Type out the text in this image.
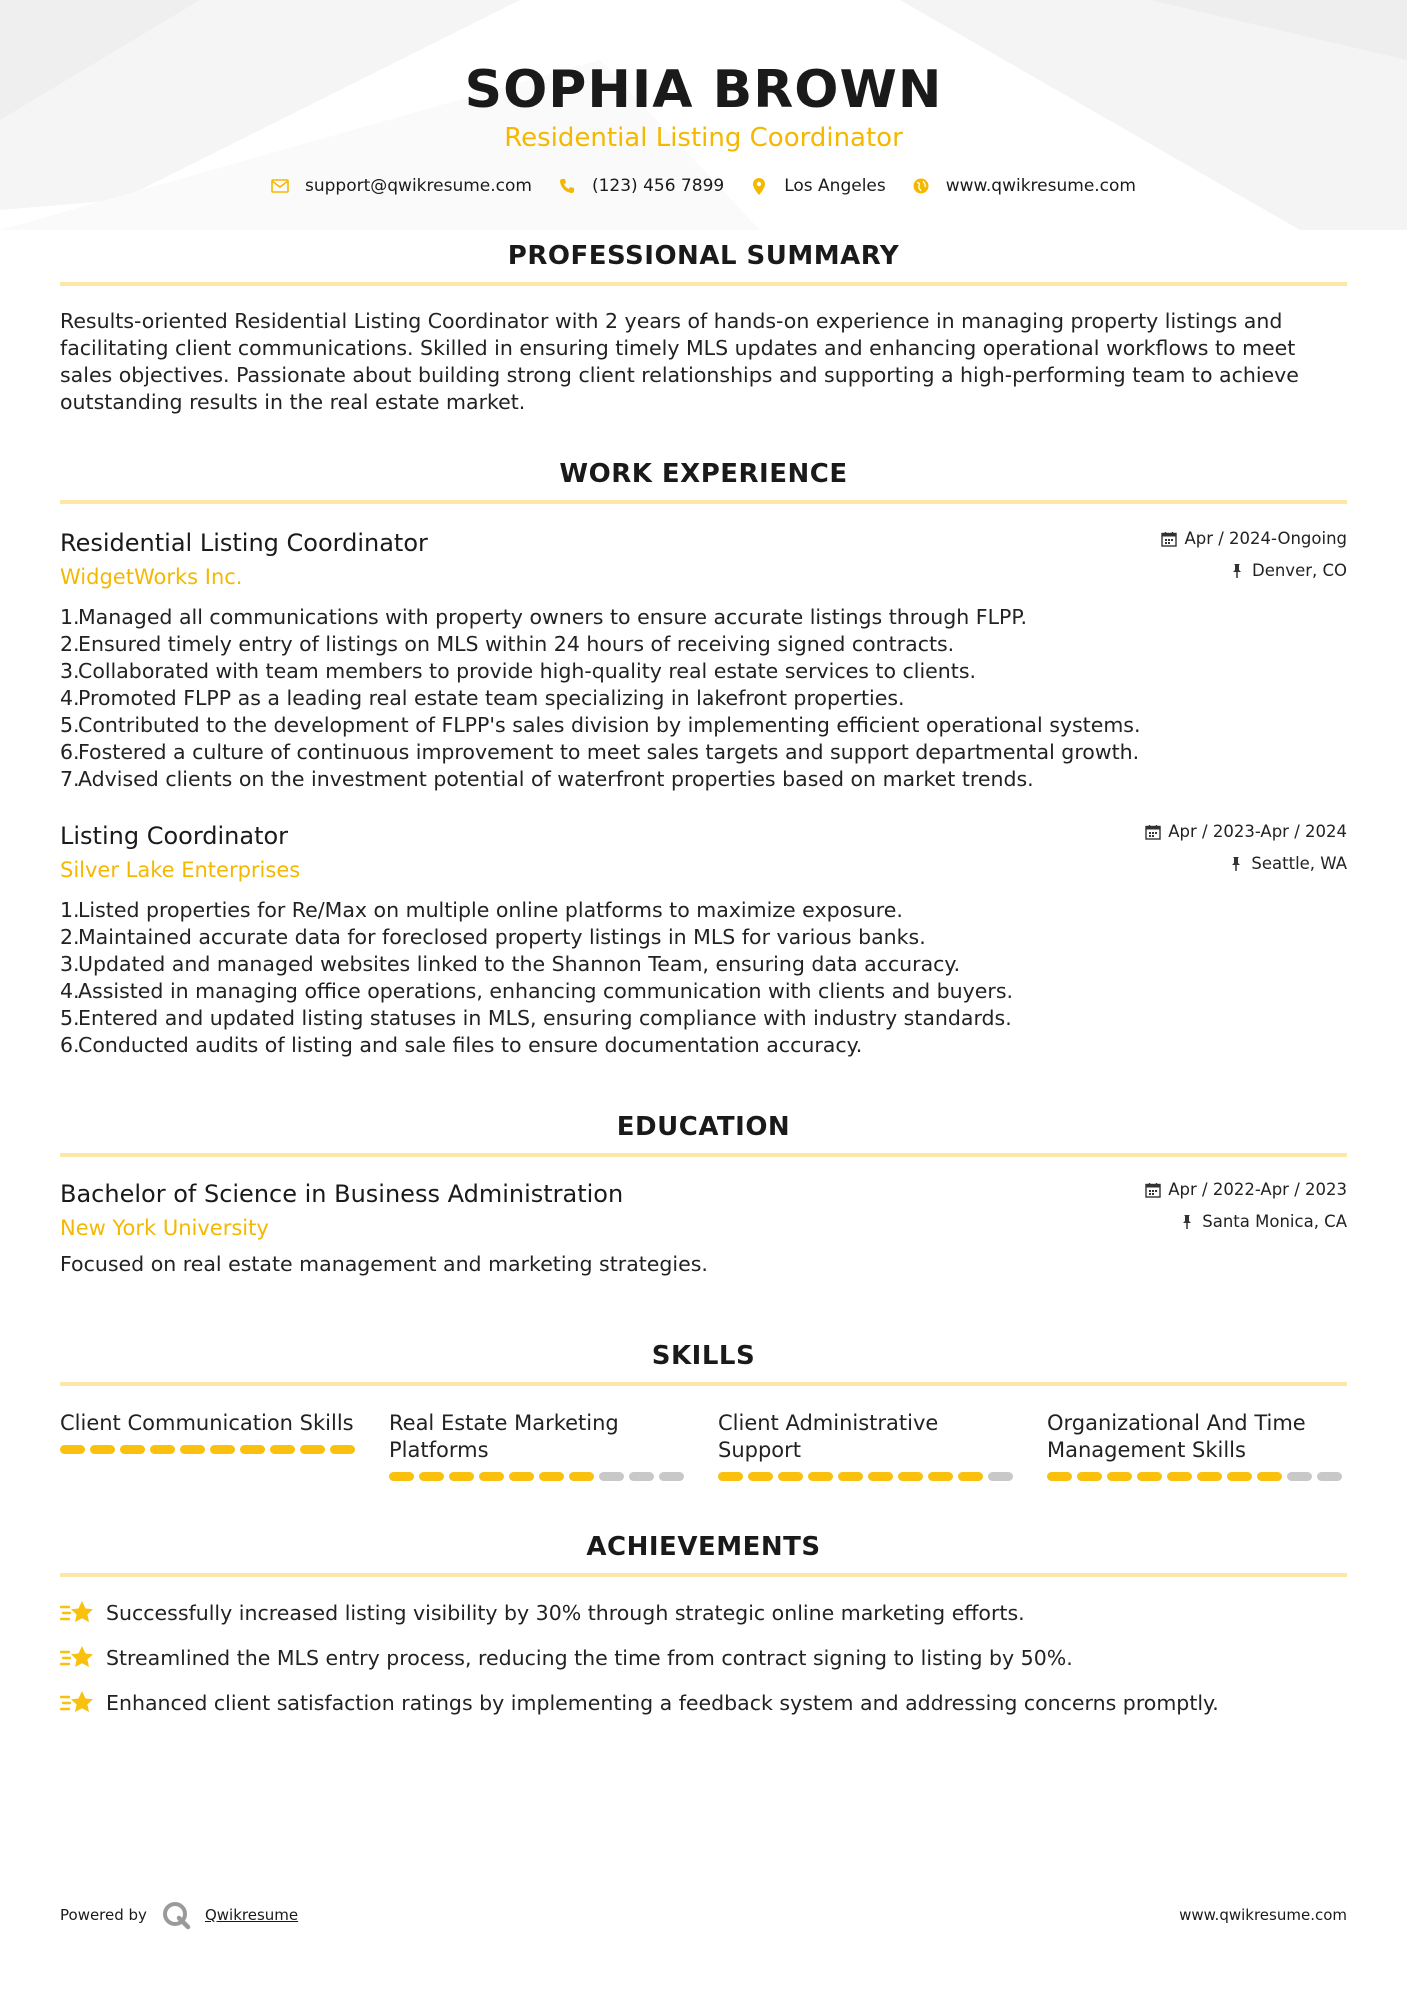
SOPHIA BROWN
Residential Listing Coordinator
support@qwikresume.com	(123) 456 7899	Los Angeles	www.qwikresume.com
PROFESSIONAL SUMMARY
Results-oriented Residential Listing Coordinator with 2 years of hands-on experience in managing property listings and facilitating client communications. Skilled in ensuring timely MLS updates and enhancing operational workflows to meet sales objectives. Passionate about building strong client relationships and supporting a high-performing team to achieve outstanding results in the real estate market.
WORK EXPERIENCE
Residential Listing Coordinator
WidgetWorks Inc.
Apr / 2024-Ongoing
Denver, CO
1.
Managed all communications with property owners to ensure accurate listings through FLPP.
2.
Ensured timely entry of listings on MLS within 24 hours of receiving signed contracts.
3.
Collaborated with team members to provide high-quality real estate services to clients.
4.
Promoted FLPP as a leading real estate team specializing in lakefront properties.
5.
Contributed to the development of FLPP's sales division by implementing efficient operational systems.
6.
Fostered a culture of continuous improvement to meet sales targets and support departmental growth.
7.
Advised clients on the investment potential of waterfront properties based on market trends.
Listing Coordinator
Silver Lake Enterprises
Apr / 2023-Apr / 2024
Seattle, WA
1.
Listed properties for Re/Max on multiple online platforms to maximize exposure.
2.
Maintained accurate data for foreclosed property listings in MLS for various banks.
3.
Updated and managed websites linked to the Shannon Team, ensuring data accuracy.
4.
Assisted in managing office operations, enhancing communication with clients and buyers.
5.
Entered and updated listing statuses in MLS, ensuring compliance with industry standards.
6.
Conducted audits of listing and sale files to ensure documentation accuracy.
EDUCATION
Bachelor of Science in Business Administration
New York University
Apr / 2022-Apr / 2023
Santa Monica, CA
Focused on real estate management and marketing strategies.
SKILLS
Client Communication Skills	Real Estate Marketing Platforms
Client Administrative Support
Organizational And Time Management Skills
ACHIEVEMENTS
Successfully increased listing visibility by 30% through strategic online marketing efforts.
Streamlined the MLS entry process, reducing the time from contract signing to listing by 50%.
Enhanced client satisfaction ratings by implementing a feedback system and addressing concerns promptly.
Powered by	Qwikresume	www.qwikresume.com
